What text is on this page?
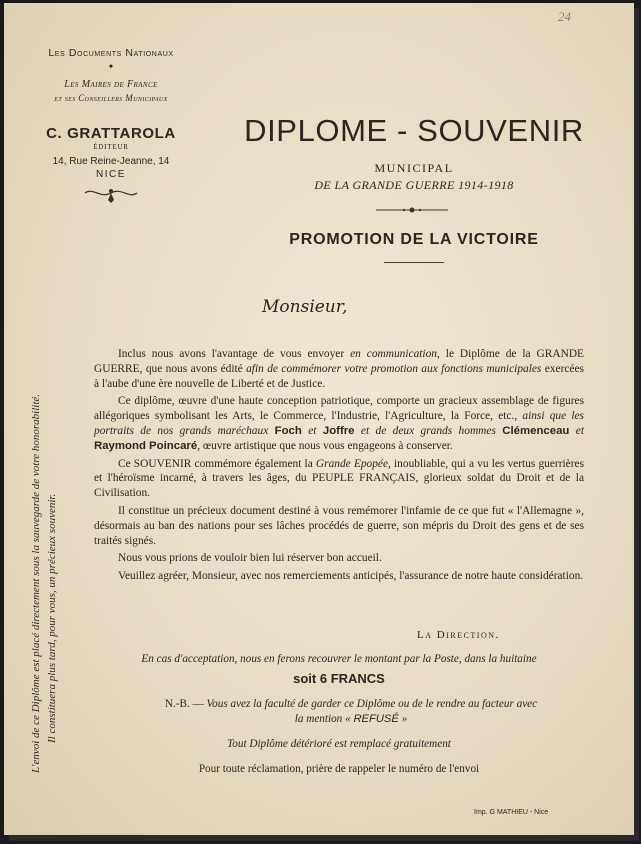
24
Les Documents Nationaux
✦
Les Maires de France
et ses Conseillers Municipaux
C. GRATTAROLA
ÉDITEUR
14, Rue Reine-Jeanne, 14
NICE
DIPLOME - SOUVENIR
MUNICIPAL
DE LA GRANDE GUERRE 1914-1918
PROMOTION DE LA VICTOIRE
Monsieur,

Inclus nous avons l'avantage de vous envoyer en communication, le Diplôme de la GRANDE GUERRE, que nous avons édité afin de commémorer votre promotion aux fonctions municipales exercées à l'aube d'une ère nouvelle de Liberté et de Justice.

Ce diplôme, œuvre d'une haute conception patriotique, comporte un gracieux assemblage de figures allégoriques symbolisant les Arts, le Commerce, l'Industrie, l'Agriculture, la Force, etc., ainsi que les portraits de nos grands maréchaux Foch et Joffre et de deux grands hommes Clémenceau et Raymond Poincaré, œuvre artistique que nous vous engageons à conserver.

Ce SOUVENIR commémore également la Grande Epopée, inoubliable, qui a vu les vertus guerrières et l'héroïsme incarné, à travers les âges, du PEUPLE FRANÇAIS, glorieux soldat du Droit et de la Civilisation.

Il constitue un précieux document destiné à vous remémorer l'infamie de ce que fut « l'Allemagne », désormais au ban des nations pour ses lâches procédés de guerre, son mépris du Droit des gens et de ses traités signés.

Nous vous prions de vouloir bien lui réserver bon accueil.

Veuillez agréer, Monsieur, avec nos remerciements anticipés, l'assurance de notre haute considération.

La Direction.
En cas d'acceptation, nous en ferons recouvrer le montant par la Poste, dans la huitaine
soit 6 FRANCS
N.-B. — Vous avez la faculté de garder ce Diplôme ou de le rendre au facteur avec
la mention « REFUSÉ »
Tout Diplôme détérioré est remplacé gratuitement
Pour toute réclamation, prière de rappeler le numéro de l'envoi
Imp. G MATHIEU - Nice
L'envoi de ce Diplôme est placé directement sous la sauvegarde de votre honorabilité. Il constituera plus tard, pour vous, un précieux souvenir.
